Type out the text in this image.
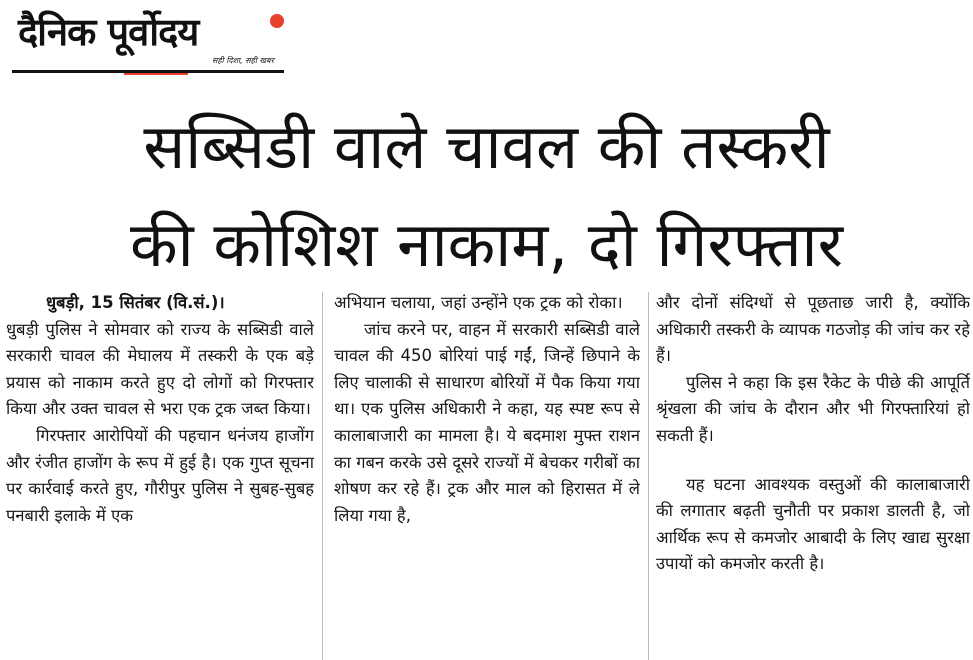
दैनिक पूर्वोदय
सही दिशा, सही खबर
सब्सिडी वाले चावल की तस्करी
की कोशिश नाकाम, दो गिरफ्तार

धुबड़ी, 15 सितंबर (वि.सं.)।

धुबड़ी पुलिस ने सोमवार को राज्य के सब्सिडी वाले सरकारी चावल की मेघालय में तस्करी के एक बड़े प्रयास को नाकाम करते हुए दो लोगों को गिरफ्तार किया और उक्त चावल से भरा एक ट्रक जब्त किया।

गिरफ्तार आरोपियों की पहचान धनंजय हाजोंग और रंजीत हाजोंग के रूप में हुई है। एक गुप्त सूचना पर कार्रवाई करते हुए, गौरीपुर पुलिस ने सुबह-सुबह पनबारी इलाके में एक

अभियान चलाया, जहां उन्होंने एक ट्रक को रोका।

जांच करने पर, वाहन में सरकारी सब्सिडी वाले चावल की 450 बोरियां पाई गईं, जिन्हें छिपाने के लिए चालाकी से साधारण बोरियों में पैक किया गया था। एक पुलिस अधिकारी ने कहा, यह स्पष्ट रूप से कालाबाजारी का मामला है। ये बदमाश मुफ्त राशन का गबन करके उसे दूसरे राज्यों में बेचकर गरीबों का शोषण कर रहे हैं। ट्रक और माल को हिरासत में ले लिया गया है,

और दोनों संदिग्धों से पूछताछ जारी है, क्योंकि अधिकारी तस्करी के व्यापक गठजोड़ की जांच कर रहे हैं।

पुलिस ने कहा कि इस रैकेट के पीछे की आपूर्ति श्रृंखला की जांच के दौरान और भी गिरफ्तारियां हो सकती हैं।

यह घटना आवश्यक वस्तुओं की कालाबाजारी की लगातार बढ़ती चुनौती पर प्रकाश डालती है, जो आर्थिक रूप से कमजोर आबादी के लिए खाद्य सुरक्षा उपायों को कमजोर करती है।
